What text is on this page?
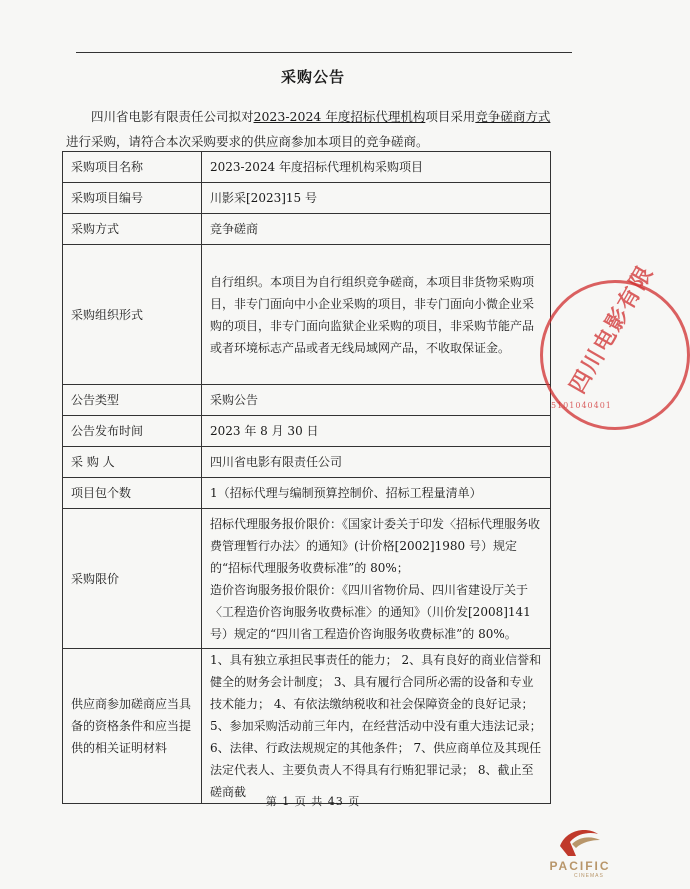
采购公告
四川省电影有限责任公司拟对2023-2024 年度招标代理机构项目采用竞争磋商方式进行采购，请符合本次采购要求的供应商参加本项目的竞争磋商。
采购项目名称	2023-2024 年度招标代理机构采购项目
采购项目编号	川影采[2023]15 号
采购方式	竞争磋商
采购组织形式	自行组织。本项目为自行组织竞争磋商，本项目非货物采购项目，非专门面向中小企业采购的项目，非专门面向小微企业采购的项目，非专门面向监狱企业采购的项目，非采购节能产品或者环境标志产品或者无线局域网产品，不收取保证金。
公告类型	采购公告
公告发布时间	2023 年 8 月 30 日
采 购 人	四川省电影有限责任公司
项目包个数	1（招标代理与编制预算控制价、招标工程量清单）
采购限价	招标代理服务报价限价：《国家计委关于印发〈招标代理服务收费管理暂行办法〉的通知》(计价格[2002]1980 号）规定的“招标代理服务收费标准”的 80%；
造价咨询服务报价限价：《四川省物价局、四川省建设厅关于〈工程造价咨询服务收费标准〉的通知》（川价发[2008]141 号）规定的“四川省工程造价咨询服务收费标准”的 80%。
供应商参加磋商应当具备的资格条件和应当提供的相关证明材料	1、具有独立承担民事责任的能力； 2、具有良好的商业信誉和健全的财务会计制度； 3、具有履行合同所必需的设备和专业技术能力； 4、有依法缴纳税收和社会保障资金的良好记录； 5、参加采购活动前三年内，在经营活动中没有重大违法记录； 6、法律、行政法规规定的其他条件； 7、供应商单位及其现任法定代表人、主要负责人不得具有行贿犯罪记录； 8、截止至磋商截
第 1 页 共 43 页
四川电影有限
5101040401
PACIFIC
CINEMAS
